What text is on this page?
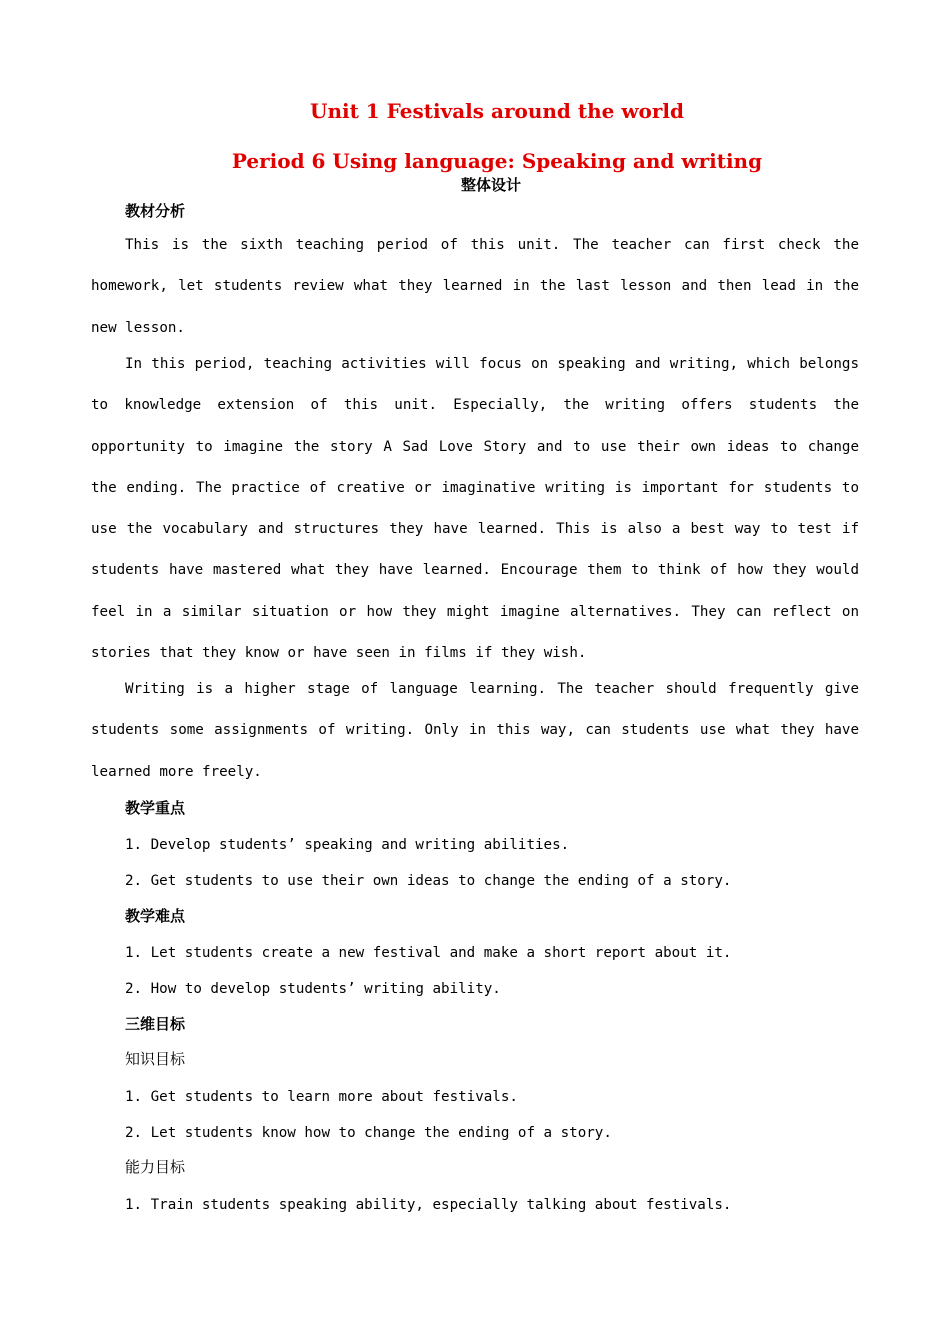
Unit 1 Festivals around the world
Period 6 Using language: Speaking and writing
整体设计
教材分析

This is the sixth teaching period of this unit. The teacher can first check the homework, let students review what they learned in the last lesson and then lead in the new lesson.

In this period, teaching activities will focus on speaking and writing, which belongs to knowledge extension of this unit. Especially, the writing offers students the opportunity to imagine the story A Sad Love Story and to use their own ideas to change the ending. The practice of creative or imaginative writing is important for students to use the vocabulary and structures they have learned. This is also a best way to test if students have mastered what they have learned. Encourage them to think of how they would feel in a similar situation or how they might imagine alternatives. They can reflect on stories that they know or have seen in films if they wish.

Writing is a higher stage of language learning. The teacher should frequently give students some assignments of writing. Only in this way, can students use what they have learned more freely.

教学重点
1. Develop students’ speaking and writing abilities.
2. Get students to use their own ideas to change the ending of a story.
教学难点
1. Let students create a new festival and make a short report about it.
2. How to develop students’ writing ability.
三维目标
知识目标
1. Get students to learn more about festivals.
2. Let students know how to change the ending of a story.
能力目标
1. Train students speaking ability, especially talking about festivals.
